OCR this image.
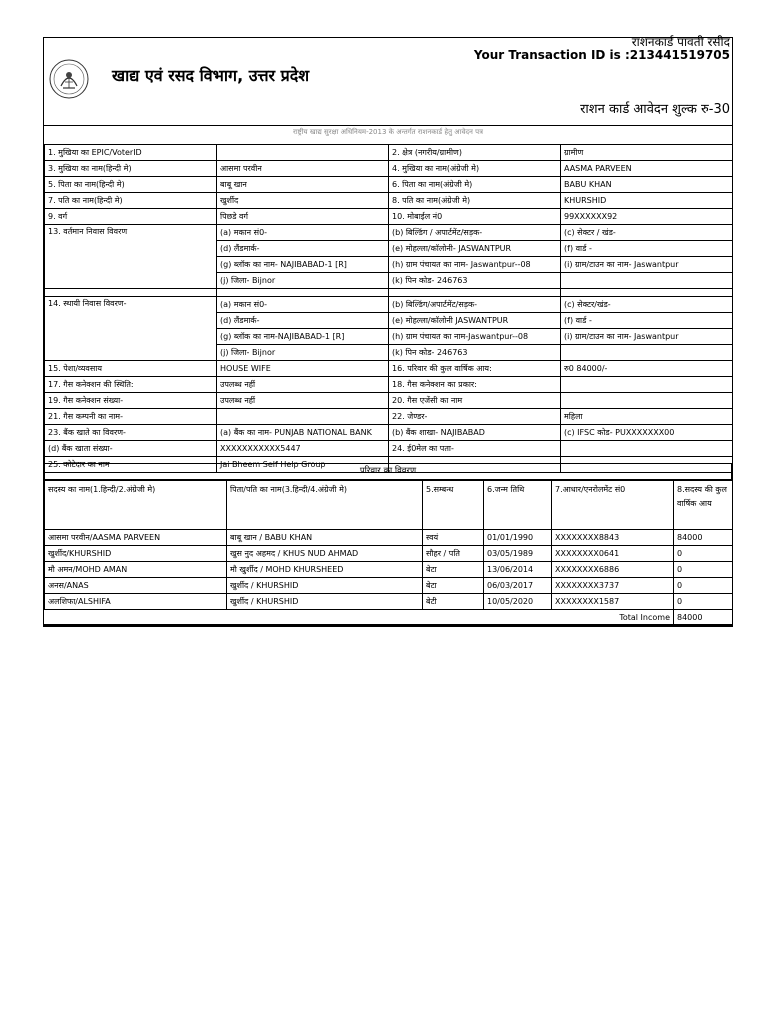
खाद्य एवं रसद विभाग, उत्तर प्रदेश
राशनकार्ड पावती रसीद
Your Transaction ID is :213441519705
राशन कार्ड आवेदन शुल्क रु-30
राष्ट्रीय खाद्य सुरक्षा अधिनियम-2013 के अन्तर्गत राशनकार्ड हेतु आवेदन पत्र
1. मुखिया का EPIC/VoterID		2. क्षेत्र (नगरीय/ग्रामीण)	ग्रामीण
3. मुखिया का नाम(हिन्दी मे)	आसमा परवीन	4. मुखिया का नाम(अंग्रेजी मे)	AASMA PARVEEN
5. पिता का नाम(हिन्दी मे)	बाबू खान	6. पिता का नाम(अंग्रेजी मे)	BABU KHAN
7. पति का नाम(हिन्दी मे)	खुर्शीद	8. पति का नाम(अंग्रेजी मे)	KHURSHID
9. वर्ग	पिछडे वर्ग	10. मोबाईल नं0	99XXXXXX92
13. वर्तमान निवास विवरण	(a) मकान सं0-	(b) बिल्डिंग / अपार्टमेंट/सड़क-	(c) सेक्टर / खंड-
	(d) लैंडमार्क-	(e) मोहल्ला/कॉलोनी- JASWANTPUR	(f) वार्ड -
	(g) ब्लॉक का नाम- NAJIBABAD-1 [R]	(h) ग्राम पंचायत का नाम- Jaswantpur--08	(i) ग्राम/टाउन का नाम- Jaswantpur
	(j) जिला- Bijnor	(k) पिन कोड- 246763	

14. स्थायी निवास विवरण-	(a) मकान सं0-	(b) बिल्डिंग/अपार्टमेंट/सड़क-	(c) सेक्टर/खंड-
	(d) लैंडमार्क-	(e) मोहल्ला/कॉलोनी JASWANTPUR	(f) वार्ड -
	(g) ब्लॉक का नाम-NAJIBABAD-1 [R]	(h) ग्राम पंचायत का नाम-Jaswantpur--08	(i) ग्राम/टाउन का नाम- Jaswantpur
	(j) जिला- Bijnor	(k) पिन कोड- 246763	
15. पेशा/व्यवसाय	HOUSE WIFE	16. परिवार की कुल वार्षिक आय:	रु0 84000/-
17. गैस कनेक्शन की स्थिति:	उपलब्ध नहीं	18. गैस कनेक्शन का प्रकार:	
19. गैस कनेक्शन संख्या-	उपलब्ध नहीं	20. गैस एजेंसी का नाम	
21. गैस कम्पनी का नाम-		22. जेण्डर-	महिला
23. बैंक खाते का विवरण-	(a) बैंक का नाम- PUNJAB NATIONAL BANK	(b) बैंक शाखा- NAJIBABAD	(c) IFSC कोड- PUXXXXXXX00
(d) बैंक खाता संख्या-	XXXXXXXXXXX5447	24. ई0मेल का पता-	
25. कोटेदार का नाम	Jai Bheem Self Help Group		
परिवार का विवरण
सदस्य का नाम(1.हिन्दी/2.अंग्रेजी मे)	पिता/पति का नाम(3.हिन्दी/4.अंग्रेजी मे)	5.सम्बन्ध	6.जन्म तिथि	7.आधार/एनरोलमेंट सं0	8.सदस्य की कुल वार्षिक आय
आसमा परवीन/AASMA PARVEEN	बाबू खान / BABU KHAN	स्वयं	01/01/1990	XXXXXXXX8843	84000
खुर्शीद/KHURSHID	खुस नुद अहमद / KHUS NUD AHMAD	सौहर / पति	03/05/1989	XXXXXXXX0641	0
मौ अमन/MOHD AMAN	मौ खुर्शीद / MOHD KHURSHEED	बेटा	13/06/2014	XXXXXXXX6886	0
अनस/ANAS	खुर्शीद / KHURSHID	बेटा	06/03/2017	XXXXXXXX3737	0
अलशिफा/ALSHIFA	खुर्शीद / KHURSHID	बेटी	10/05/2020	XXXXXXXX1587	0
Total Income					84000
